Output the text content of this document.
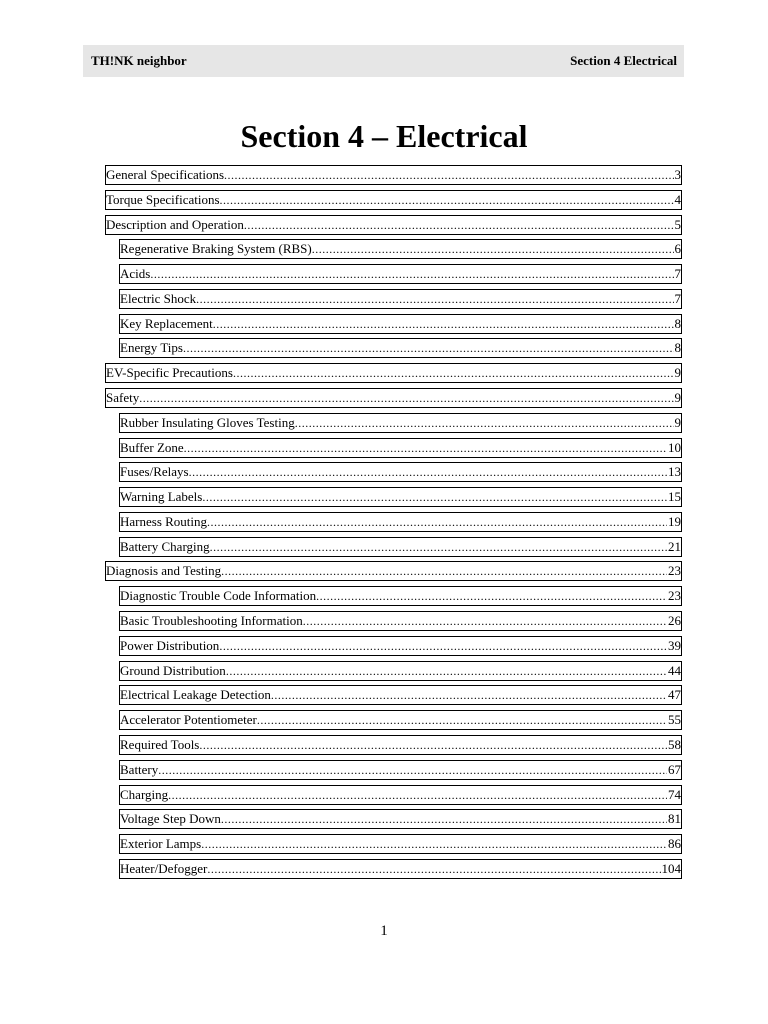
TH!NK neighbor	Section 4 Electrical
Section 4 – Electrical
General Specifications .....	3
Torque Specifications .....	4
Description and Operation .....	5
Regenerative Braking System (RBS) .....	6
Acids .....	7
Electric Shock .....	7
Key Replacement .....	8
Energy Tips .....	8
EV-Specific Precautions .....	9
Safety .....	9
Rubber Insulating Gloves Testing .....	9
Buffer Zone .....	10
Fuses/Relays .....	13
Warning Labels .....	15
Harness Routing .....	19
Battery Charging .....	21
Diagnosis and Testing .....	23
Diagnostic Trouble Code Information .....	23
Basic Troubleshooting Information .....	26
Power Distribution .....	39
Ground Distribution .....	44
Electrical Leakage Detection .....	47
Accelerator Potentiometer .....	55
Required Tools .....	58
Battery .....	67
Charging .....	74
Voltage Step Down .....	81
Exterior Lamps .....	86
Heater/Defogger .....	104
1
